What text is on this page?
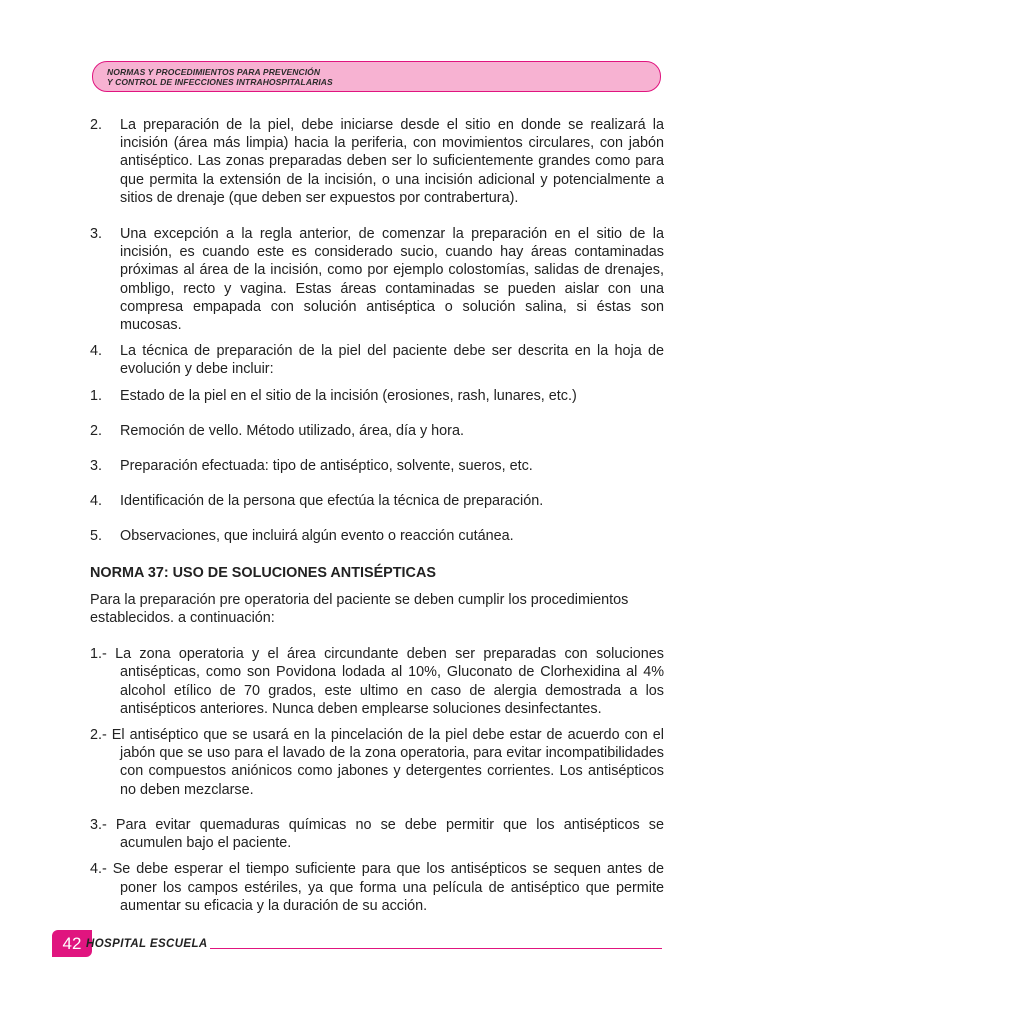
NORMAS Y PROCEDIMIENTOS PARA PREVENCIÓN
Y CONTROL DE INFECCIONES INTRAHOSPITALARIAS
2.	La preparación de la piel, debe iniciarse desde el sitio en donde se realizará la incisión (área más limpia) hacia la periferia, con movimientos circulares, con jabón antiséptico. Las zonas preparadas deben ser lo suficientemente grandes como para que permita la extensión de la incisión, o una incisión adicional y potencialmente a sitios de drenaje (que deben ser expuestos por contrabertura).
3.	Una excepción a la regla anterior, de comenzar la preparación en el sitio de la incisión, es cuando este es considerado sucio, cuando hay áreas contaminadas próximas al área de la incisión, como por ejemplo colostomías, salidas de drenajes, ombligo, recto y vagina. Estas áreas contaminadas se pueden aislar con una compresa empapada con solución antiséptica o solución salina, si éstas son mucosas.
4.	La técnica de preparación de la piel del paciente debe ser descrita en la hoja de evolución y debe incluir:
1.	Estado de la piel en el sitio de la incisión (erosiones, rash, lunares, etc.)
2.	Remoción de vello. Método utilizado, área, día y hora.
3.	Preparación efectuada: tipo de antiséptico, solvente, sueros, etc.
4.	Identificación de la persona que efectúa la técnica de preparación.
5.	Observaciones, que incluirá algún evento o reacción cutánea.
NORMA 37: USO DE SOLUCIONES ANTISÉPTICAS
Para la preparación pre operatoria del paciente se deben cumplir los procedimientos establecidos. a continuación:
1.- La zona operatoria y el área circundante deben ser preparadas con soluciones antisépticas, como son Povidona lodada al 10%, Gluconato de Clorhexidina al 4% alcohol etílico de 70 grados, este ultimo en caso de alergia demostrada a los antisépticos anteriores. Nunca deben emplearse soluciones desinfectantes.
2.- El antiséptico que se usará en la pincelación de la piel debe estar de acuerdo con el jabón que se uso para el lavado de la zona operatoria, para evitar incompatibilidades con compuestos aniónicos como jabones y detergentes corrientes. Los antisépticos no deben mezclarse.
3.- Para evitar quemaduras químicas no se debe permitir que los antisépticos se acumulen bajo el paciente.
4.- Se debe esperar el tiempo suficiente para que los antisépticos se sequen antes de poner los campos estériles, ya que forma una película de antiséptico que permite aumentar su eficacia y la duración de su acción.
42 HOSPITAL ESCUELA
